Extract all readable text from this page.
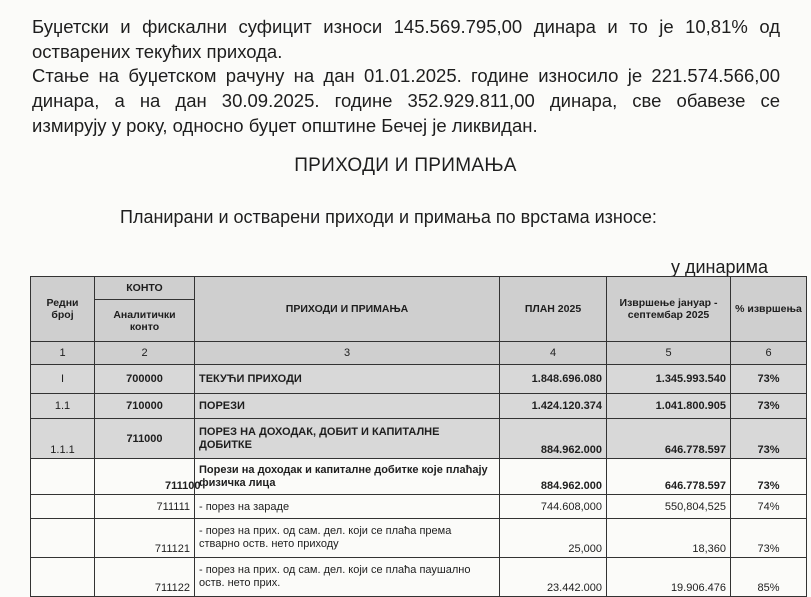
Буџетски и фискални суфицит износи 145.569.795,00 динара и то је 10,81% од
остварених текућих прихода.
Стање на буџетском рачуну на дан 01.01.2025. године износило је 221.574.566,00
динара, а на дан 30.09.2025. године 352.929.811,00 динара, све обавезе се
измирују у року, односно буџет општине Бечеј је ликвидан.
ПРИХОДИ И ПРИМАЊА
Планирани и остварени приходи и примања по врстама износе:
у динарима
Редни број	КОНТО	ПРИХОДИ И ПРИМАЊА	ПЛАН 2025	Извршење јануар - септембар 2025	% извршења
	Аналитички конто				
1	2	3	4	5	6
I	700000	ТЕКУЋИ ПРИХОДИ	1.848.696.080	1.345.993.540	73%
1.1	710000	ПОРЕЗИ	1.424.120.374	1.041.800.905	73%
1.1.1	711000	ПОРЕЗ НА ДОХОДАК, ДОБИТ И КАПИТАЛНЕ ДОБИТКЕ	884.962.000	646.778.597	73%
	711100	Порези на доходак и капиталне добитке које плаћају физичка лица	884.962.000	646.778.597	73%
	711111	- порез на зараде	744.608,000	550,804,525	74%
	711121	- порез на прих. од сам. дел. који се плаћа према стварно оств. нето приходу	25,000	18,360	73%
	711122	- порез на прих. од сам. дел. који се плаћа паушално оств. нето прих.	23.442.000	19.906.476	85%
